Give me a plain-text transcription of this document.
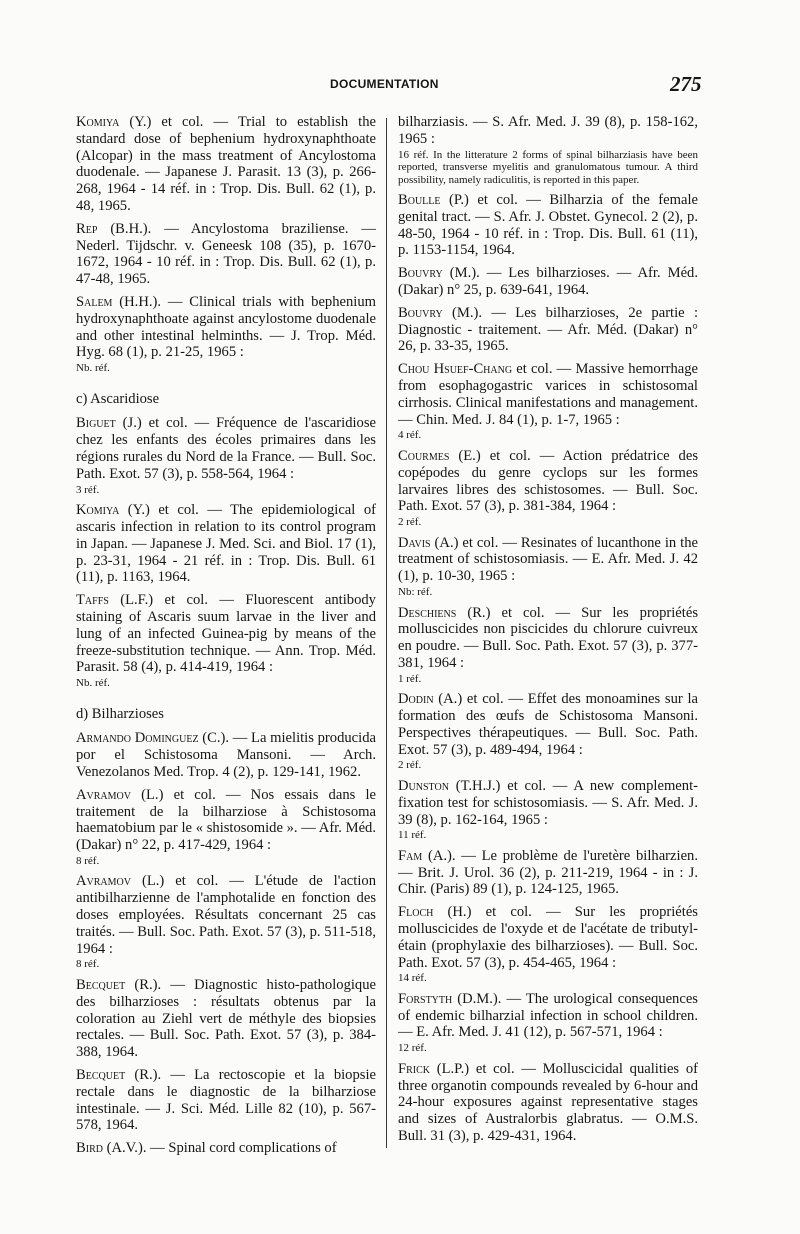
DOCUMENTATION	275
Komiya (Y.) et col. — Trial to establish the standard dose of bephenium hydroxynaphthoate (Alcopar) in the mass treatment of Ancylostoma duodenale. — Japanese J. Parasit. 13 (3), p. 266-268, 1964 - 14 réf. in : Trop. Dis. Bull. 62 (1), p. 48, 1965.
Rep (B.H.). — Ancylostoma braziliense. — Nederl. Tijdschr. v. Geneesk 108 (35), p. 1670-1672, 1964 - 10 réf. in : Trop. Dis. Bull. 62 (1), p. 47-48, 1965.
Salem (H.H.). — Clinical trials with bephenium hydroxynaphthoate against ancylostome duodenale and other intestinal helminths. — J. Trop. Méd. Hyg. 68 (1), p. 21-25, 1965 :
Nb. réf.
c) Ascaridiose
Biguet (J.) et col. — Fréquence de l'ascaridiose chez les enfants des écoles primaires dans les régions rurales du Nord de la France. — Bull. Soc. Path. Exot. 57 (3), p. 558-564, 1964 :
3 réf.
Komiya (Y.) et col. — The epidemiological of ascaris infection in relation to its control program in Japan. — Japanese J. Med. Sci. and Biol. 17 (1), p. 23-31, 1964 - 21 réf. in : Trop. Dis. Bull. 61 (11), p. 1163, 1964.
Taffs (L.F.) et col. — Fluorescent antibody staining of Ascaris suum larvae in the liver and lung of an infected Guinea-pig by means of the freeze-substitution technique. — Ann. Trop. Méd. Parasit. 58 (4), p. 414-419, 1964 :
Nb. réf.
d) Bilharzioses
Armando Dominguez (C.). — La mielitis producida por el Schistosoma Mansoni. — Arch. Venezolanos Med. Trop. 4 (2), p. 129-141, 1962.
Avramov (L.) et col. — Nos essais dans le traitement de la bilharziose à Schistosoma haematobium par le « shistosomide ». — Afr. Méd. (Dakar) n° 22, p. 417-429, 1964 :
8 réf.
Avramov (L.) et col. — L'étude de l'action antibilharzienne de l'amphotalide en fonction des doses employées. Résultats concernant 25 cas traités. — Bull. Soc. Path. Exot. 57 (3), p. 511-518, 1964 :
8 réf.
Becquet (R.). — Diagnostic histo-pathologique des bilharzioses : résultats obtenus par la coloration au Ziehl vert de méthyle des biopsies rectales. — Bull. Soc. Path. Exot. 57 (3), p. 384-388, 1964.
Becquet (R.). — La rectoscopie et la biopsie rectale dans le diagnostic de la bilharziose intestinale. — J. Sci. Méd. Lille 82 (10), p. 567-578, 1964.
Bird (A.V.). — Spinal cord complications of
bilharziasis. — S. Afr. Med. J. 39 (8), p. 158-162, 1965 :
16 réf. In the litterature 2 forms of spinal bilharziasis have been reported, transverse myelitis and granulomatous tumour. A third possibility, namely radiculitis, is reported in this paper.
Boulle (P.) et col. — Bilharzia of the female genital tract. — S. Afr. J. Obstet. Gynecol. 2 (2), p. 48-50, 1964 - 10 réf. in : Trop. Dis. Bull. 61 (11), p. 1153-1154, 1964.
Bouvry (M.). — Les bilharzioses. — Afr. Méd. (Dakar) n° 25, p. 639-641, 1964.
Bouvry (M.). — Les bilharzioses, 2e partie : Diagnostic - traitement. — Afr. Méd. (Dakar) n° 26, p. 33-35, 1965.
Chou Hsuef-Chang et col. — Massive hemorrhage from esophagogastric varices in schistosomal cirrhosis. Clinical manifestations and management. — Chin. Med. J. 84 (1), p. 1-7, 1965 :
4 réf.
Courmes (E.) et col. — Action prédatrice des copépodes du genre cyclops sur les formes larvaires libres des schistosomes. — Bull. Soc. Path. Exot. 57 (3), p. 381-384, 1964 :
2 réf.
Davis (A.) et col. — Resinates of lucanthone in the treatment of schistosomiasis. — E. Afr. Med. J. 42 (1), p. 10-30, 1965 :
Nb: réf.
Deschiens (R.) et col. — Sur les propriétés molluscicides non piscicides du chlorure cuivreux en poudre. — Bull. Soc. Path. Exot. 57 (3), p. 377-381, 1964 :
1 réf.
Dodin (A.) et col. — Effet des monoamines sur la formation des œufs de Schistosoma Mansoni. Perspectives thérapeutiques. — Bull. Soc. Path. Exot. 57 (3), p. 489-494, 1964 :
2 réf.
Dunston (T.H.J.) et col. — A new complement-fixation test for schistosomiasis. — S. Afr. Med. J. 39 (8), p. 162-164, 1965 :
11 réf.
Fam (A.). — Le problème de l'uretère bilharzien. — Brit. J. Urol. 36 (2), p. 211-219, 1964 - in : J. Chir. (Paris) 89 (1), p. 124-125, 1965.
Floch (H.) et col. — Sur les propriétés molluscicides de l'oxyde et de l'acétate de tributyl-étain (prophylaxie des bilharzioses). — Bull. Soc. Path. Exot. 57 (3), p. 454-465, 1964 :
14 réf.
Forstyth (D.M.). — The urological consequences of endemic bilharzial infection in school children. — E. Afr. Med. J. 41 (12), p. 567-571, 1964 :
12 réf.
Frick (L.P.) et col. — Molluscicidal qualities of three organotin compounds revealed by 6-hour and 24-hour exposures against representative stages and sizes of Australorbis glabratus. — O.M.S. Bull. 31 (3), p. 429-431, 1964.
